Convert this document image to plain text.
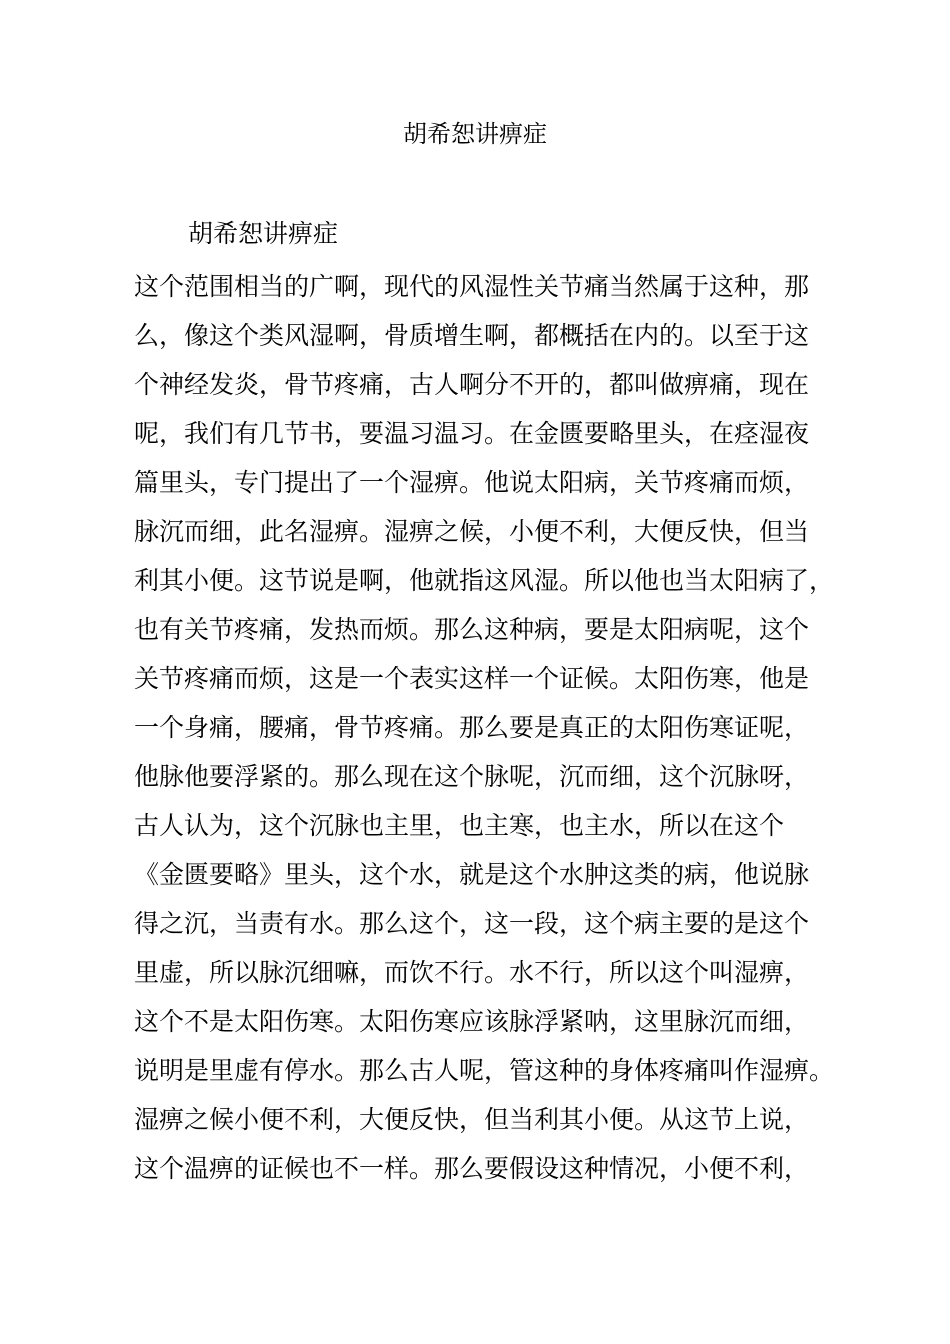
胡希恕讲痹症
胡希恕讲痹症
这个范围相当的广啊，现代的风湿性关节痛当然属于这种，那
么，像这个类风湿啊，骨质增生啊，都概括在内的。以至于这
个神经发炎，骨节疼痛，古人啊分不开的，都叫做痹痛，现在
呢，我们有几节书，要温习温习。在金匮要略里头，在痉湿夜
篇里头，专门提出了一个湿痹。他说太阳病，关节疼痛而烦，
脉沉而细，此名湿痹。湿痹之候，小便不利，大便反快，但当
利其小便。这节说是啊，他就指这风湿。所以他也当太阳病了，
也有关节疼痛，发热而烦。那么这种病，要是太阳病呢，这个
关节疼痛而烦，这是一个表实这样一个证候。太阳伤寒，他是
一个身痛，腰痛，骨节疼痛。那么要是真正的太阳伤寒证呢，
他脉他要浮紧的。那么现在这个脉呢，沉而细，这个沉脉呀，
古人认为，这个沉脉也主里，也主寒，也主水，所以在这个
《金匮要略》里头，这个水，就是这个水肿这类的病，他说脉
得之沉，当责有水。那么这个，这一段，这个病主要的是这个
里虚，所以脉沉细嘛，而饮不行。水不行，所以这个叫湿痹，
这个不是太阳伤寒。太阳伤寒应该脉浮紧呐，这里脉沉而细，
说明是里虚有停水。那么古人呢，管这种的身体疼痛叫作湿痹。
湿痹之候小便不利，大便反快，但当利其小便。从这节上说，
这个温痹的证候也不一样。那么要假设这种情况，小便不利，
